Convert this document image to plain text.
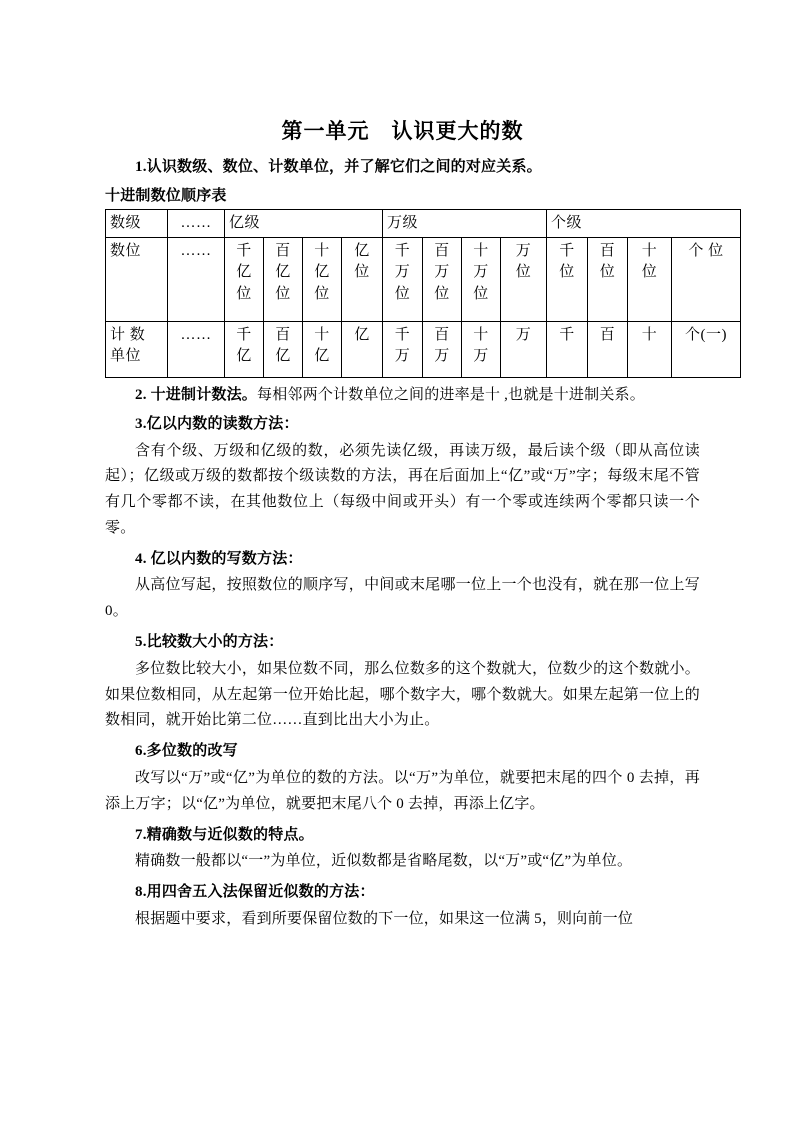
第一单元　认识更大的数

1.认识数级、数位、计数单位，并了解它们之间的对应关系。

十进制数位顺序表

数级	……	亿级				万级				个级			
数位	……	千
亿
位	百
亿
位	十
亿
位	亿
位	千
万
位	百
万
位	十
万
位	万
位	千
位	百
位	十
位	个 位
计 数
单位	……	千
亿	百
亿	十
亿	亿	千
万	百
万	十
万	万	千	百	十	个(一)

2. 十进制计数法。每相邻两个计数单位之间的进率是十 ,也就是十进制关系。

3.亿以内数的读数方法：

含有个级、万级和亿级的数，必须先读亿级，再读万级，最后读个级（即从高位读起）；亿级或万级的数都按个级读数的方法，再在后面加上“亿”或“万”字；每级末尾不管有几个零都不读，在其他数位上（每级中间或开头）有一个零或连续两个零都只读一个零。

4. 亿以内数的写数方法：

从高位写起，按照数位的顺序写，中间或末尾哪一位上一个也没有，就在那一位上写 0。

5.比较数大小的方法：

多位数比较大小，如果位数不同，那么位数多的这个数就大，位数少的这个数就小。如果位数相同，从左起第一位开始比起，哪个数字大，哪个数就大。如果左起第一位上的数相同，就开始比第二位……直到比出大小为止。

6.多位数的改写

改写以“万”或“亿”为单位的数的方法。以“万”为单位，就要把末尾的四个 0 去掉，再添上万字；以“亿”为单位，就要把末尾八个 0 去掉，再添上亿字。

7.精确数与近似数的特点。

精确数一般都以“一”为单位，近似数都是省略尾数，以“万”或“亿”为单位。

8.用四舍五入法保留近似数的方法：

根据题中要求，看到所要保留位数的下一位，如果这一位满 5，则向前一位
